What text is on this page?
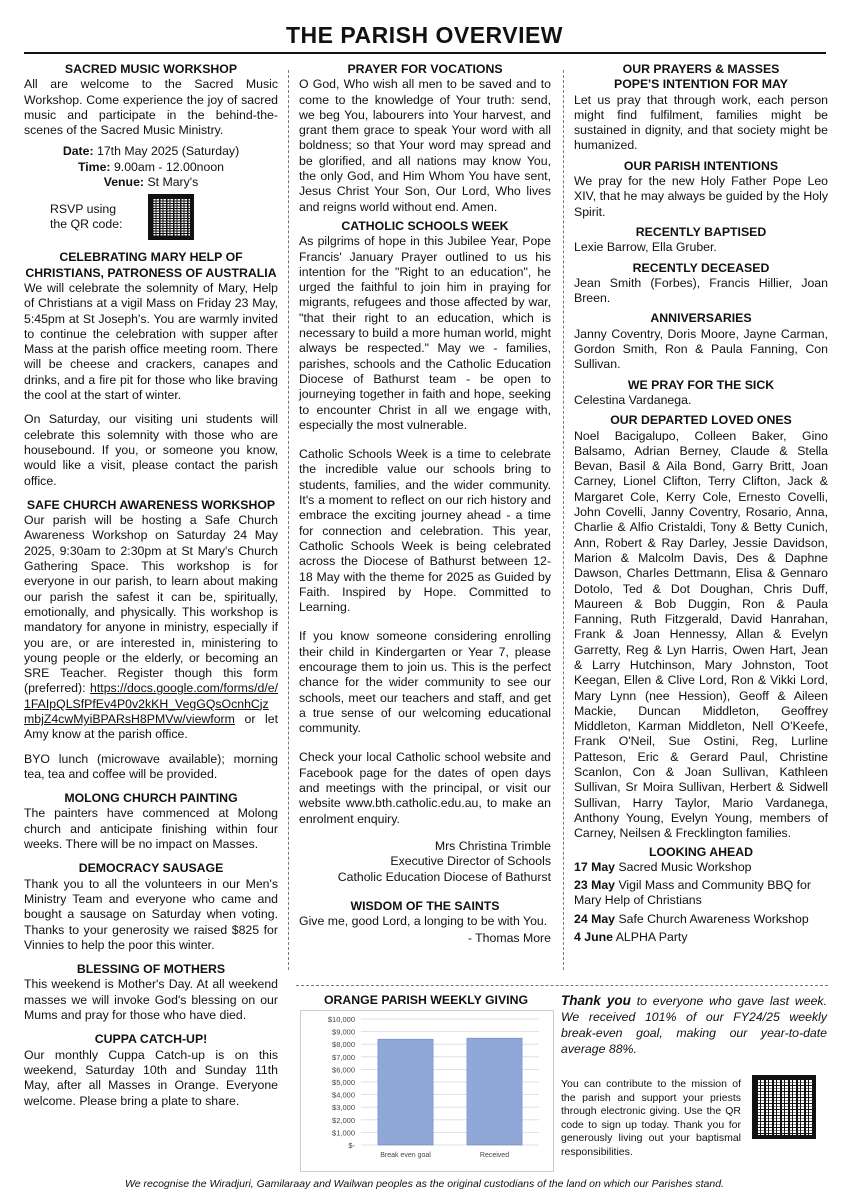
THE PARISH OVERVIEW

SACRED MUSIC WORKSHOP

All are welcome to the Sacred Music Workshop. Come experience the joy of sacred music and participate in the behind-the-scenes of the Sacred Music Ministry.

Date: 17th May 2025 (Saturday)

Time: 9.00am - 12.00noon

Venue: St Mary's

RSVP using the QR code:

CELEBRATING MARY HELP OF CHRISTIANS, PATRONESS OF AUSTRALIA

We will celebrate the solemnity of Mary, Help of Christians at a vigil Mass on Friday 23 May, 5:45pm at St Joseph's. You are warmly invited to continue the celebration with supper after Mass at the parish office meeting room. There will be cheese and crackers, canapes and drinks, and a fire pit for those who like braving the cool at the start of winter.

On Saturday, our visiting uni students will celebrate this solemnity with those who are housebound. If you, or someone you know, would like a visit, please contact the parish office.

SAFE CHURCH AWARENESS WORKSHOP

Our parish will be hosting a Safe Church Awareness Workshop on Saturday 24 May 2025, 9:30am to 2:30pm at St Mary's Church Gathering Space. This workshop is for everyone in our parish, to learn about making our parish the safest it can be, spiritually, emotionally, and physically. This workshop is mandatory for anyone in ministry, especially if you are, or are interested in, ministering to young people or the elderly, or becoming an SRE Teacher. Register though this form (preferred): https://docs.google.com/forms/d/e/1FAIpQLSfPfEv4P0v2kKH_VegGQsOcnhCjzmbjZ4cwMyiBPARsH8PMVw/viewform or let Amy know at the parish office.

BYO lunch (microwave available); morning tea, tea and coffee will be provided.

MOLONG CHURCH PAINTING

The painters have commenced at Molong church and anticipate finishing within four weeks. There will be no impact on Masses.

DEMOCRACY SAUSAGE

Thank you to all the volunteers in our Men's Ministry Team and everyone who came and bought a sausage on Saturday when voting. Thanks to your generosity we raised $825 for Vinnies to help the poor this winter.

BLESSING OF MOTHERS

This weekend is Mother's Day. At all weekend masses we will invoke God's blessing on our Mums and pray for those who have died.

CUPPA CATCH-UP!

Our monthly Cuppa Catch-up is on this weekend, Saturday 10th and Sunday 11th May, after all Masses in Orange. Everyone welcome. Please bring a plate to share.

PRAYER FOR VOCATIONS

O God, Who wish all men to be saved and to come to the knowledge of Your truth: send, we beg You, labourers into Your harvest, and grant them grace to speak Your word with all boldness; so that Your word may spread and be glorified, and all nations may know You, the only God, and Him Whom You have sent, Jesus Christ Your Son, Our Lord, Who lives and reigns world without end. Amen.

CATHOLIC SCHOOLS WEEK

As pilgrims of hope in this Jubilee Year, Pope Francis' January Prayer outlined to us his intention for the "Right to an education", he urged the faithful to join him in praying for migrants, refugees and those affected by war, "that their right to an education, which is necessary to build a more human world, might always be respected." May we - families, parishes, schools and the Catholic Education Diocese of Bathurst team - be open to journeying together in faith and hope, seeking to encounter Christ in all we engage with, especially the most vulnerable.

Catholic Schools Week is a time to celebrate the incredible value our schools bring to students, families, and the wider community. It's a moment to reflect on our rich history and embrace the exciting journey ahead - a time for connection and celebration. This year, Catholic Schools Week is being celebrated across the Diocese of Bathurst between 12-18 May with the theme for 2025 as Guided by Faith. Inspired by Hope. Committed to Learning.

If you know someone considering enrolling their child in Kindergarten or Year 7, please encourage them to join us. This is the perfect chance for the wider community to see our schools, meet our teachers and staff, and get a true sense of our welcoming educational community.

Check your local Catholic school website and Facebook page for the dates of open days and meetings with the principal, or visit our website www.bth.catholic.edu.au, to make an enrolment enquiry.

Mrs Christina Trimble

Executive Director of Schools

Catholic Education Diocese of Bathurst

WISDOM OF THE SAINTS

Give me, good Lord, a longing to be with You.

- Thomas More

OUR PRAYERS & MASSES

POPE'S INTENTION FOR MAY

Let us pray that through work, each person might find fulfilment, families might be sustained in dignity, and that society might be humanized.

OUR PARISH INTENTIONS

We pray for the new Holy Father Pope Leo XIV, that he may always be guided by the Holy Spirit.

RECENTLY BAPTISED

Lexie Barrow, Ella Gruber.

RECENTLY DECEASED

Jean Smith (Forbes), Francis Hillier, Joan Breen.

ANNIVERSARIES

Janny Coventry, Doris Moore, Jayne Carman, Gordon Smith, Ron & Paula Fanning, Con Sullivan.

WE PRAY FOR THE SICK

Celestina Vardanega.

OUR DEPARTED LOVED ONES

Noel Bacigalupo, Colleen Baker, Gino Balsamo, Adrian Berney, Claude & Stella Bevan, Basil & Aila Bond, Garry Britt, Joan Carney, Lionel Clifton, Terry Clifton, Jack & Margaret Cole, Kerry Cole, Ernesto Covelli, John Covelli, Janny Coventry, Rosario, Anna, Charlie & Alfio Cristaldi, Tony & Betty Cunich, Ann, Robert & Ray Darley, Jessie Davidson, Marion & Malcolm Davis, Des & Daphne Dawson, Charles Dettmann, Elisa & Gennaro Dotolo, Ted & Dot Doughan, Chris Duff, Maureen & Bob Duggin, Ron & Paula Fanning, Ruth Fitzgerald, David Hanrahan, Frank & Joan Hennessy, Allan & Evelyn Garretty, Reg & Lyn Harris, Owen Hart, Jean & Larry Hutchinson, Mary Johnston, Toot Keegan, Ellen & Clive Lord, Ron & Vikki Lord, Mary Lynn (nee Hession), Geoff & Aileen Mackie, Duncan Middleton, Geoffrey Middleton, Karman Middleton, Nell O'Keefe, Frank O'Neil, Sue Ostini, Reg, Lurline Patteson, Eric & Gerard Paul, Christine Scanlon, Con & Joan Sullivan, Kathleen Sullivan, Sr Moira Sullivan, Herbert & Sidwell Sullivan, Harry Taylor, Mario Vardanega, Anthony Young, Evelyn Young, members of Carney, Neilsen & Frecklington families.

LOOKING AHEAD

17 May Sacred Music Workshop

23 May Vigil Mass and Community BBQ for Mary Help of Christians

24 May Safe Church Awareness Workshop

4 June ALPHA Party

ORANGE PARISH WEEKLY GIVING
$-
$1,000
$2,000
$3,000
$4,000
$5,000
$6,000
$7,000
$8,000
$9,000
$10,000
Break even goal	Received
Thank you to everyone who gave last week. We received 101% of our FY24/25 weekly break-even goal, making our year-to-date average 88%.
You can contribute to the mission of the parish and support your priests through electronic giving. Use the QR code to sign up today. Thank you for generously living out your baptismal responsibilities.
We recognise the Wiradjuri, Gamilaraay and Wailwan peoples as the original custodians of the land on which our Parishes stand.
